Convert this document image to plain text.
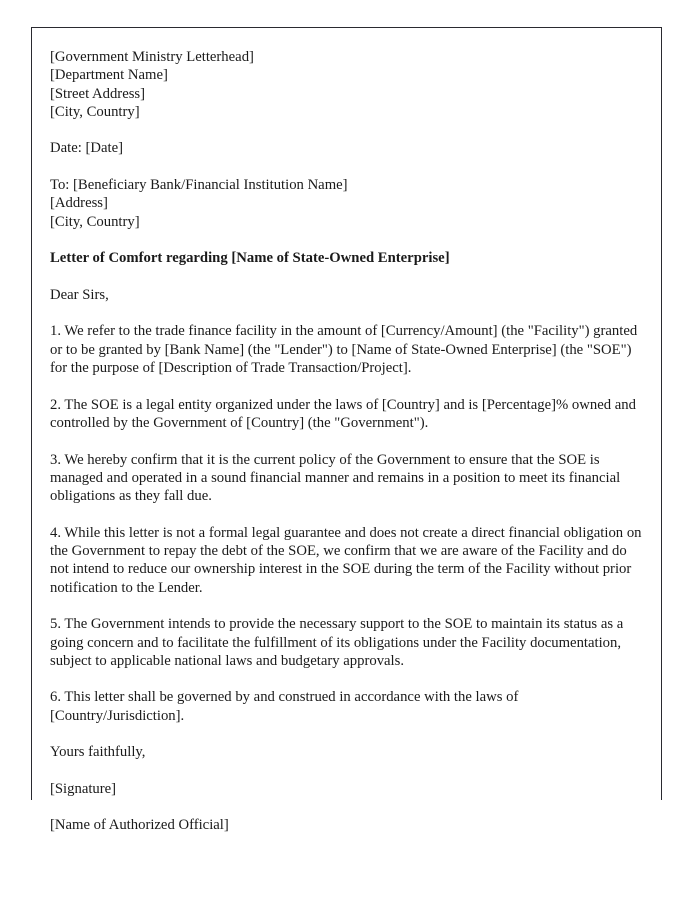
[Government Ministry Letterhead]
[Department Name]
[Street Address]
[City, Country]
Date: [Date]
To: [Beneficiary Bank/Financial Institution Name]
[Address]
[City, Country]
Letter of Comfort regarding [Name of State-Owned Enterprise]
Dear Sirs,

1. We refer to the trade finance facility in the amount of [Currency/Amount] (the "Facility") granted or to be granted by [Bank Name] (the "Lender") to [Name of State-Owned Enterprise] (the "SOE") for the purpose of [Description of Trade Transaction/Project].

2. The SOE is a legal entity organized under the laws of [Country] and is [Percentage]% owned and controlled by the Government of [Country] (the "Government").

3. We hereby confirm that it is the current policy of the Government to ensure that the SOE is managed and operated in a sound financial manner and remains in a position to meet its financial obligations as they fall due.

4. While this letter is not a formal legal guarantee and does not create a direct financial obligation on the Government to repay the debt of the SOE, we confirm that we are aware of the Facility and do not intend to reduce our ownership interest in the SOE during the term of the Facility without prior notification to the Lender.

5. The Government intends to provide the necessary support to the SOE to maintain its status as a going concern and to facilitate the fulfillment of its obligations under the Facility documentation, subject to applicable national laws and budgetary approvals.

6. This letter shall be governed by and construed in accordance with the laws of [Country/Jurisdiction].

Yours faithfully,
[Signature]
[Name of Authorized Official]
